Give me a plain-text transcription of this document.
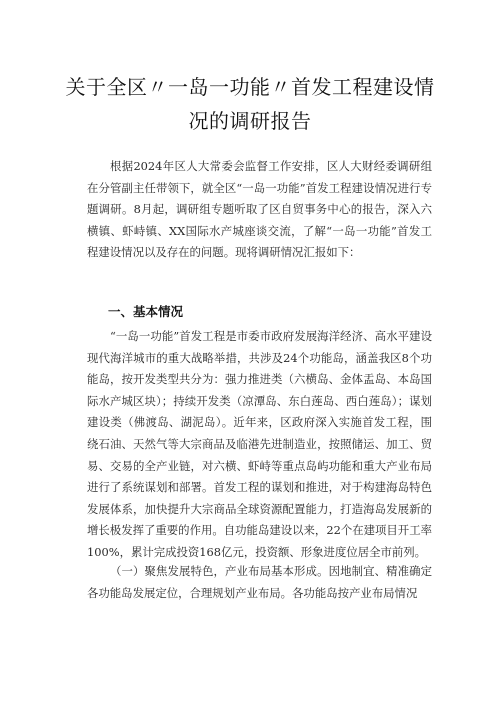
关于全区〃一岛一功能〃首发工程建设情
况的调研报告
根据2024年区人大常委会监督工作安排，区人大财经委调研组在分管副主任带领下，就全区“一岛一功能”首发工程建设情况进行专题调研。8月起，调研组专题听取了区自贸事务中心的报告，深入六横镇、虾峙镇、XX国际水产城座谈交流，了解“一岛一功能”首发工程建设情况以及存在的问题。现将调研情况汇报如下：
一、基本情况
“一岛一功能”首发工程是市委市政府发展海洋经济、高水平建设现代海洋城市的重大战略举措，共涉及24个功能岛，涵盖我区8个功能岛，按开发类型共分为：强力推进类（六横岛、金体盂岛、本岛国际水产城区块）；持续开发类（凉潭岛、东白莲岛、西白莲岛）；谋划建设类（佛渡岛、湖泥岛）。近年来，区政府深入实施首发工程，围绕石油、天然气等大宗商品及临港先进制造业，按照储运、加工、贸易、交易的全产业链，对六横、虾峙等重点岛屿功能和重大产业布局进行了系统谋划和部署。首发工程的谋划和推进，对于构建海岛特色发展体系，加快提升大宗商品全球资源配置能力，打造海岛发展新的增长极发挥了重要的作用。自功能岛建设以来，22个在建项目开工率100%，累计完成投资168亿元，投资额、形象进度位居全市前列。
（一）聚焦发展特色，产业布局基本形成。因地制宜、精准确定各功能岛发展定位，合理规划产业布局。各功能岛按产业布局情况
